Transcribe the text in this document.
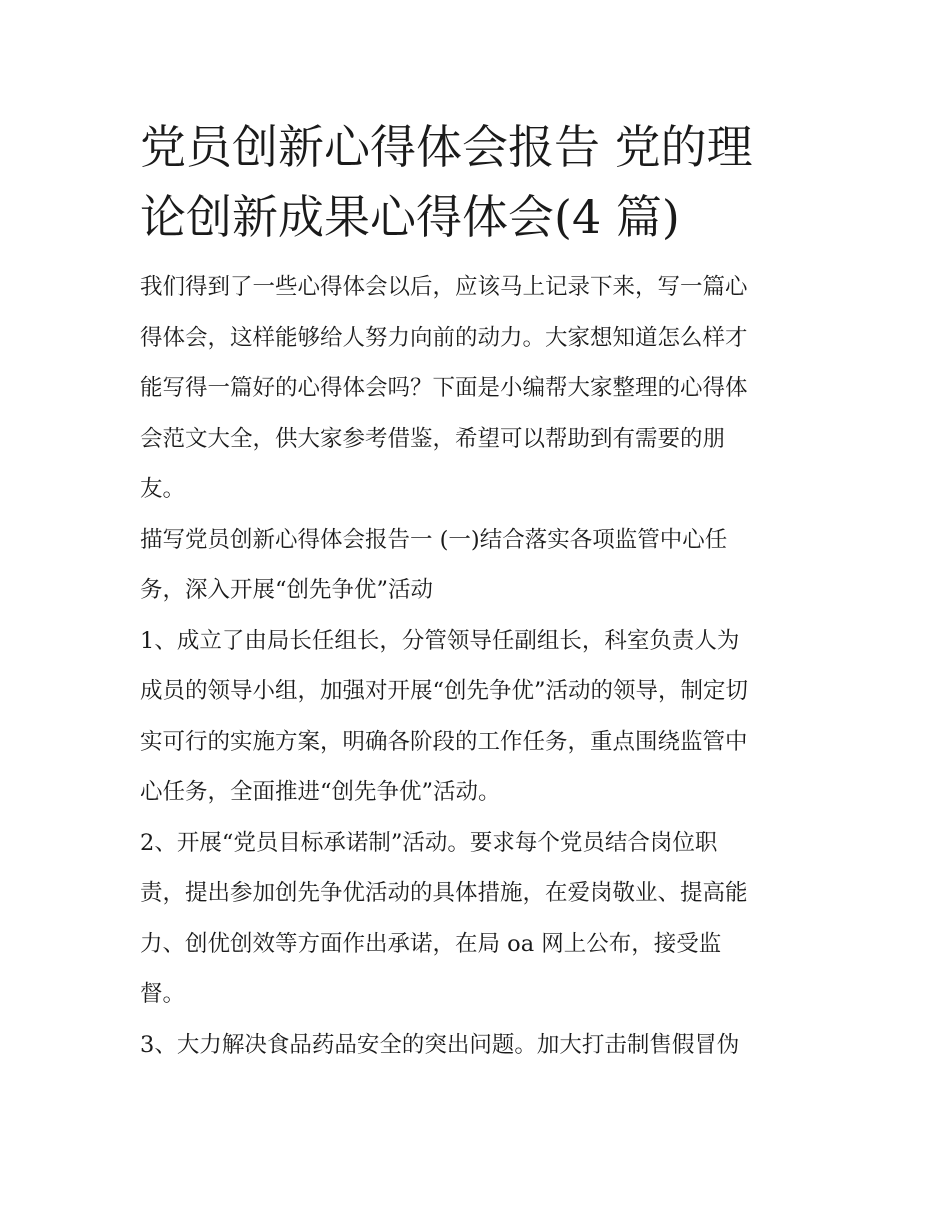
党员创新心得体会报告 党的理
论创新成果心得体会(4 篇)

我们得到了一些心得体会以后，应该马上记录下来，写一篇心
得体会，这样能够给人努力向前的动力。大家想知道怎么样才
能写得一篇好的心得体会吗？下面是小编帮大家整理的心得体
会范文大全，供大家参考借鉴，希望可以帮助到有需要的朋
友。

描写党员创新心得体会报告一 (一)结合落实各项监管中心任
务，深入开展“创先争优”活动

1、成立了由局长任组长，分管领导任副组长，科室负责人为
成员的领导小组，加强对开展“创先争优”活动的领导，制定切
实可行的实施方案，明确各阶段的工作任务，重点围绕监管中
心任务，全面推进“创先争优”活动。

2、开展“党员目标承诺制”活动。要求每个党员结合岗位职
责，提出参加创先争优活动的具体措施，在爱岗敬业、提高能
力、创优创效等方面作出承诺，在局 oa 网上公布，接受监
督。

3、大力解决食品药品安全的突出问题。加大打击制售假冒伪
